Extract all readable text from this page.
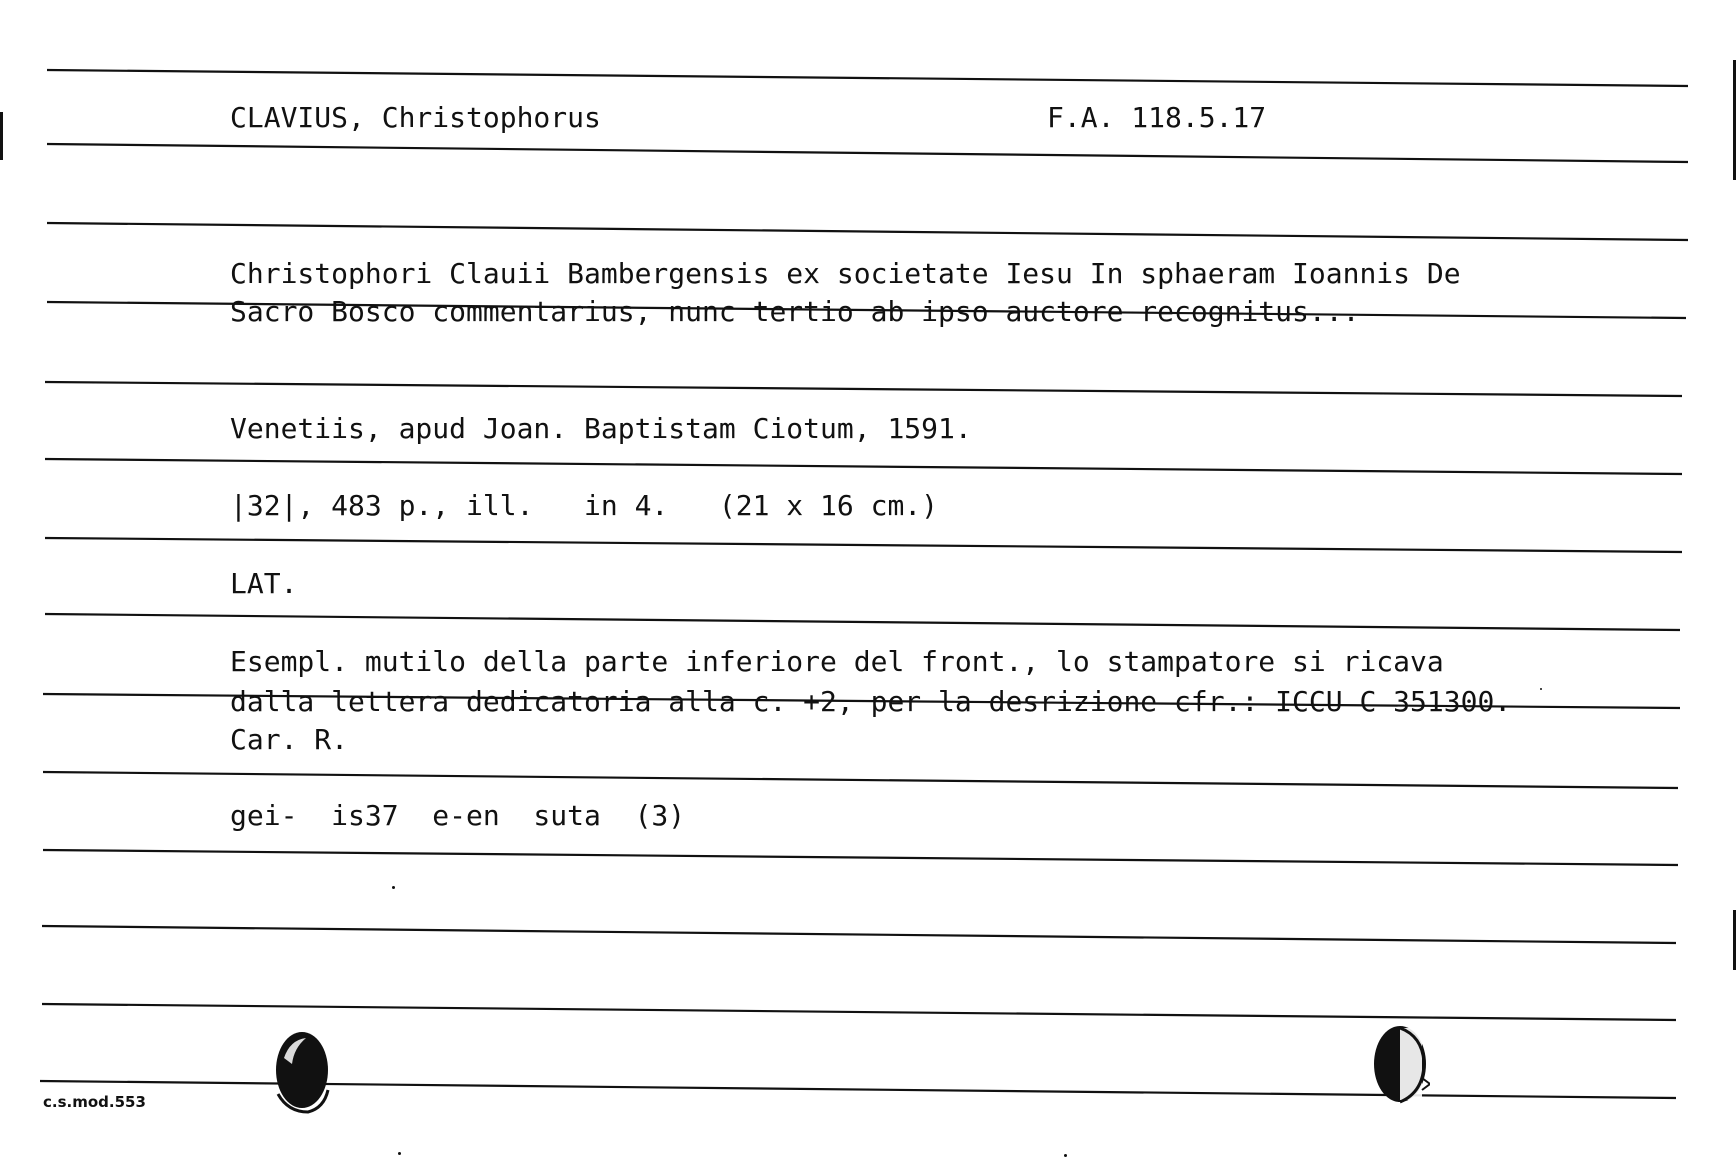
CLAVIUS, Christophorus	F.A. 118.5.17
Christophori Clauii Bambergensis ex societate Iesu In sphaeram Ioannis De
Sacro Bosco commentarius, nunc tertio ab ipso auctore recognitus...
Venetiis, apud Joan. Baptistam Ciotum, 1591.
|32|, 483 p., ill.   in 4.   (21 x 16 cm.)
LAT.
Esempl. mutilo della parte inferiore del front., lo stampatore si ricava
dalla lettera dedicatoria alla c. +2, per la desrizione cfr.: ICCU C 351300.
Car. R.
gei-  is37  e-en  suta  (3)
c.s.mod.553
